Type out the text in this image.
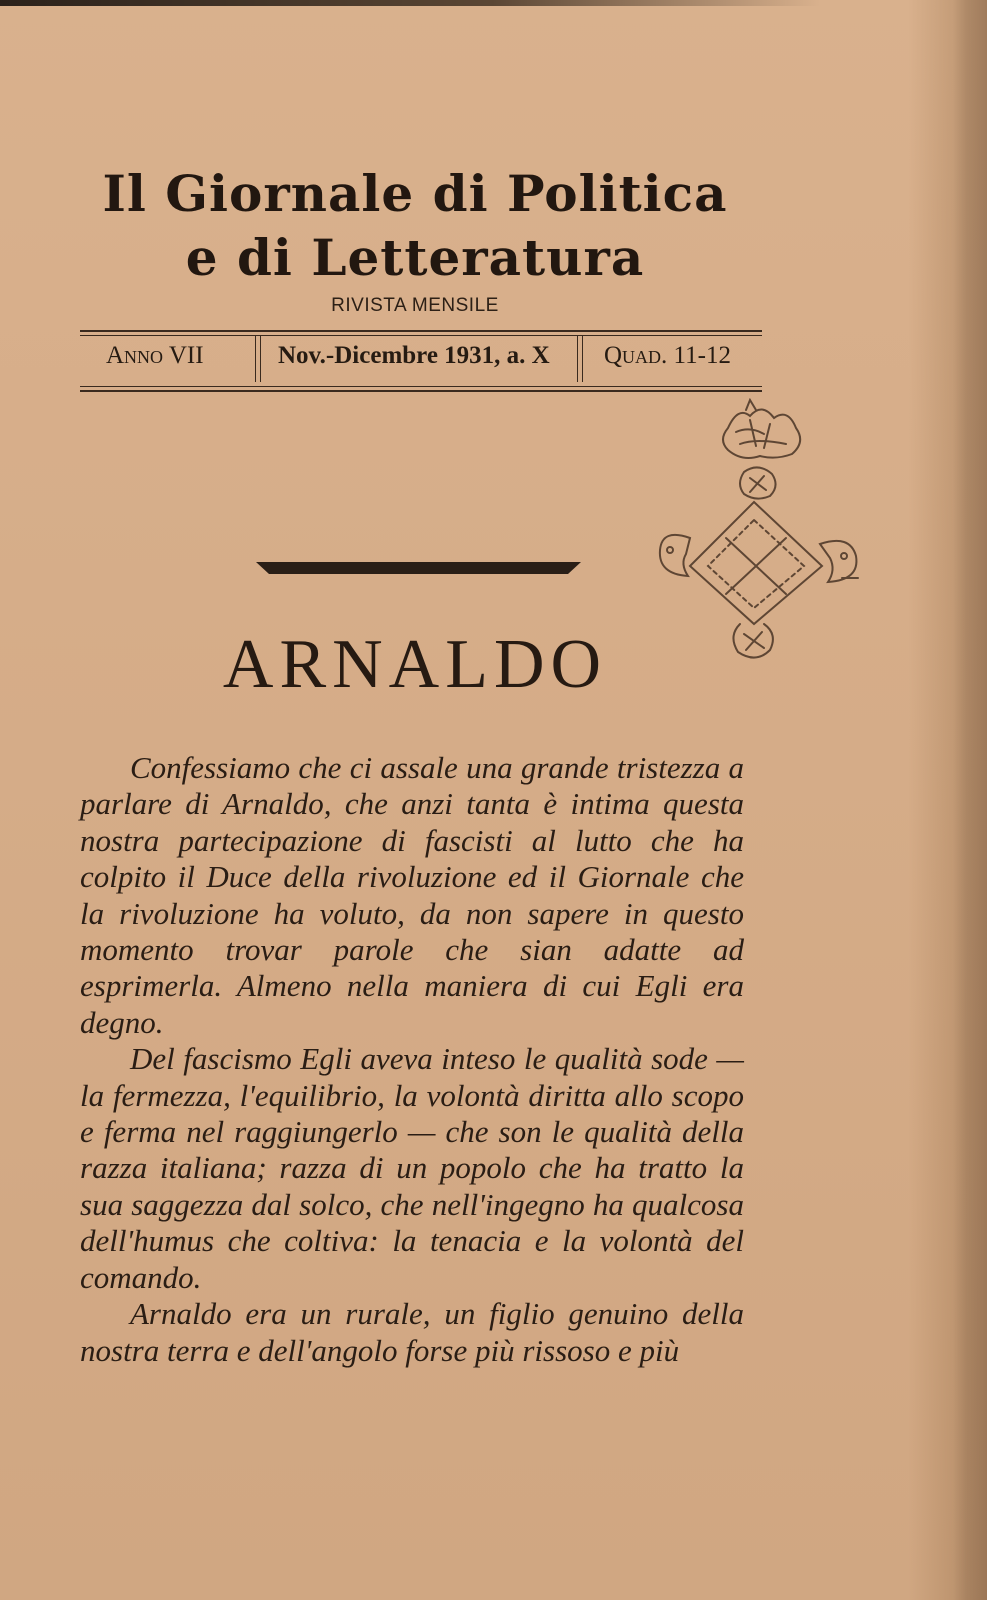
Il Giornale di Politica
e di Letteratura
RIVISTA MENSILE
Anno VII	Nov.-Dicembre 1931, a. X Quad. 11-12
ARNALDO

Confessiamo che ci assale una grande tristezza a parlare di Arnaldo, che anzi tanta è intima questa nostra partecipazione di fascisti al lutto che ha colpito il Duce della rivoluzione ed il Giornale che la rivoluzione ha voluto, da non sapere in questo momento trovar parole che sian adatte ad esprimerla. Almeno nella maniera di cui Egli era degno.

Del fascismo Egli aveva inteso le qualità sode — la fermezza, l'equilibrio, la volontà diritta allo scopo e ferma nel raggiungerlo — che son le qualità della razza italiana; razza di un popolo che ha tratto la sua saggezza dal solco, che nell'ingegno ha qualcosa dell'humus che coltiva: la tenacia e la volontà del comando.

Arnaldo era un rurale, un figlio genuino della nostra terra e dell'angolo forse più rissoso e più
